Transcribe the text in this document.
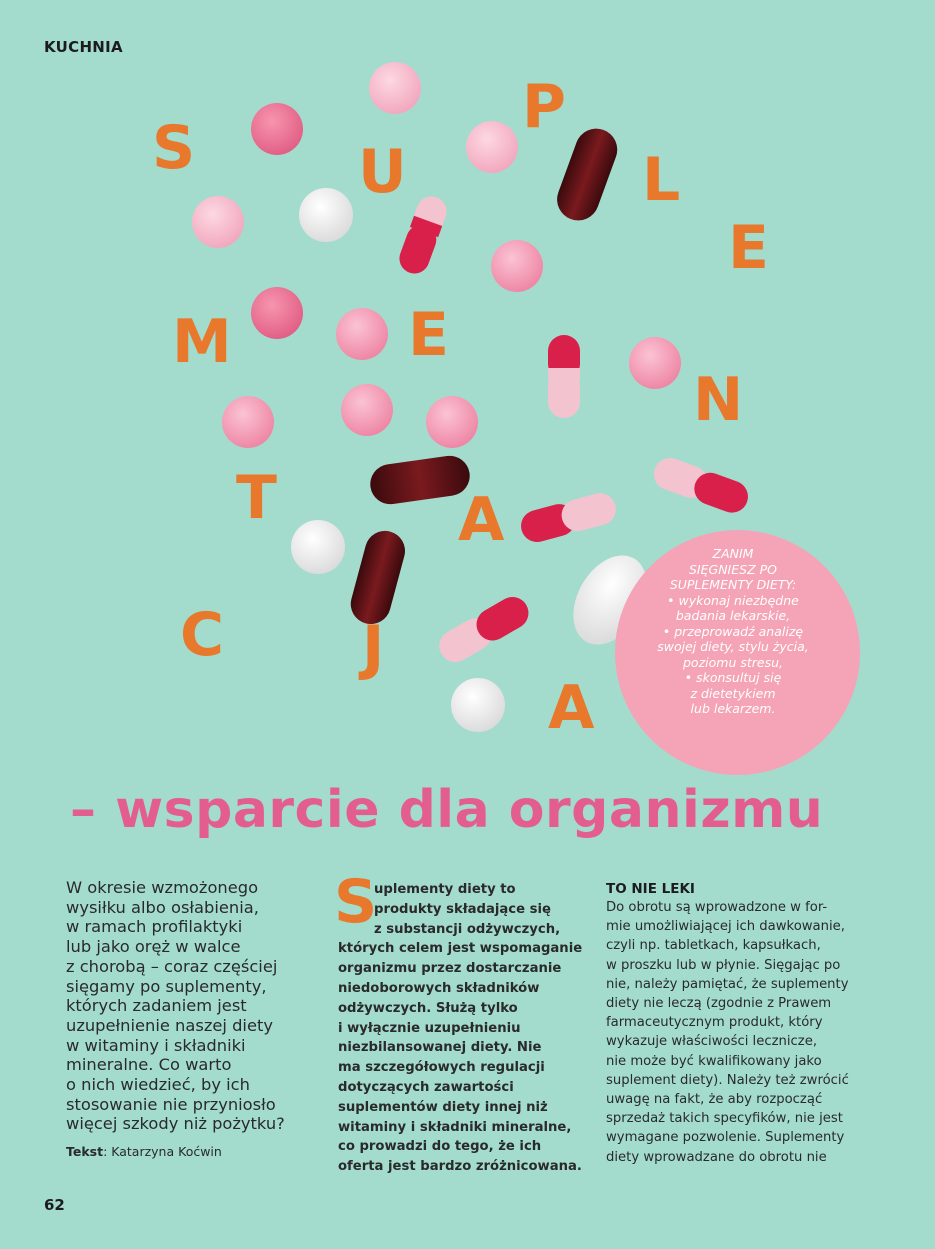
KUCHNIA
S	U
P
L
E
M	E
N
T	A
C J
A
ZANIM
SIĘGNIESZ PO
SUPLEMENTY DIETY:
• wykonaj niezbędne
badania lekarskie,
• przeprowadź analizę
swojej diety, stylu życia,
poziomu stresu,
• skonsultuj się
z dietetykiem
lub lekarzem.
– wsparcie dla organizmu
W okresie wzmożonego
wysiłku albo osłabienia,
w ramach profilaktyki
lub jako oręż w walce
z chorobą – coraz częściej
sięgamy po suplementy,
których zadaniem jest
uzupełnienie naszej diety
w witaminy i składniki
mineralne. Co warto
o nich wiedzieć, by ich
stosowanie nie przyniosło
więcej szkody niż pożytku?
Tekst: Katarzyna Koćwin
S
uplementy diety to
produkty składające się
z substancji odżywczych,
których celem jest wspomaganie
organizmu przez dostarczanie
niedoborowych składników
odżywczych. Służą tylko
i wyłącznie uzupełnieniu
niezbilansowanej diety. Nie
ma szczegółowych regulacji
dotyczących zawartości
suplementów diety innej niż
witaminy i składniki mineralne,
co prowadzi do tego, że ich
oferta jest bardzo zróżnicowana.
TO NIE LEKI
Do obrotu są wprowadzone w for-
mie umożliwiającej ich dawkowanie,
czyli np. tabletkach, kapsułkach,
w proszku lub w płynie. Sięgając po
nie, należy pamiętać, że suplementy
diety nie leczą (zgodnie z Prawem
farmaceutycznym produkt, który
wykazuje właściwości lecznicze,
nie może być kwalifikowany jako
suplement diety). Należy też zwrócić
uwagę na fakt, że aby rozpocząć
sprzedaż takich specyfików, nie jest
wymagane pozwolenie. Suplementy
diety wprowadzane do obrotu nie
62
